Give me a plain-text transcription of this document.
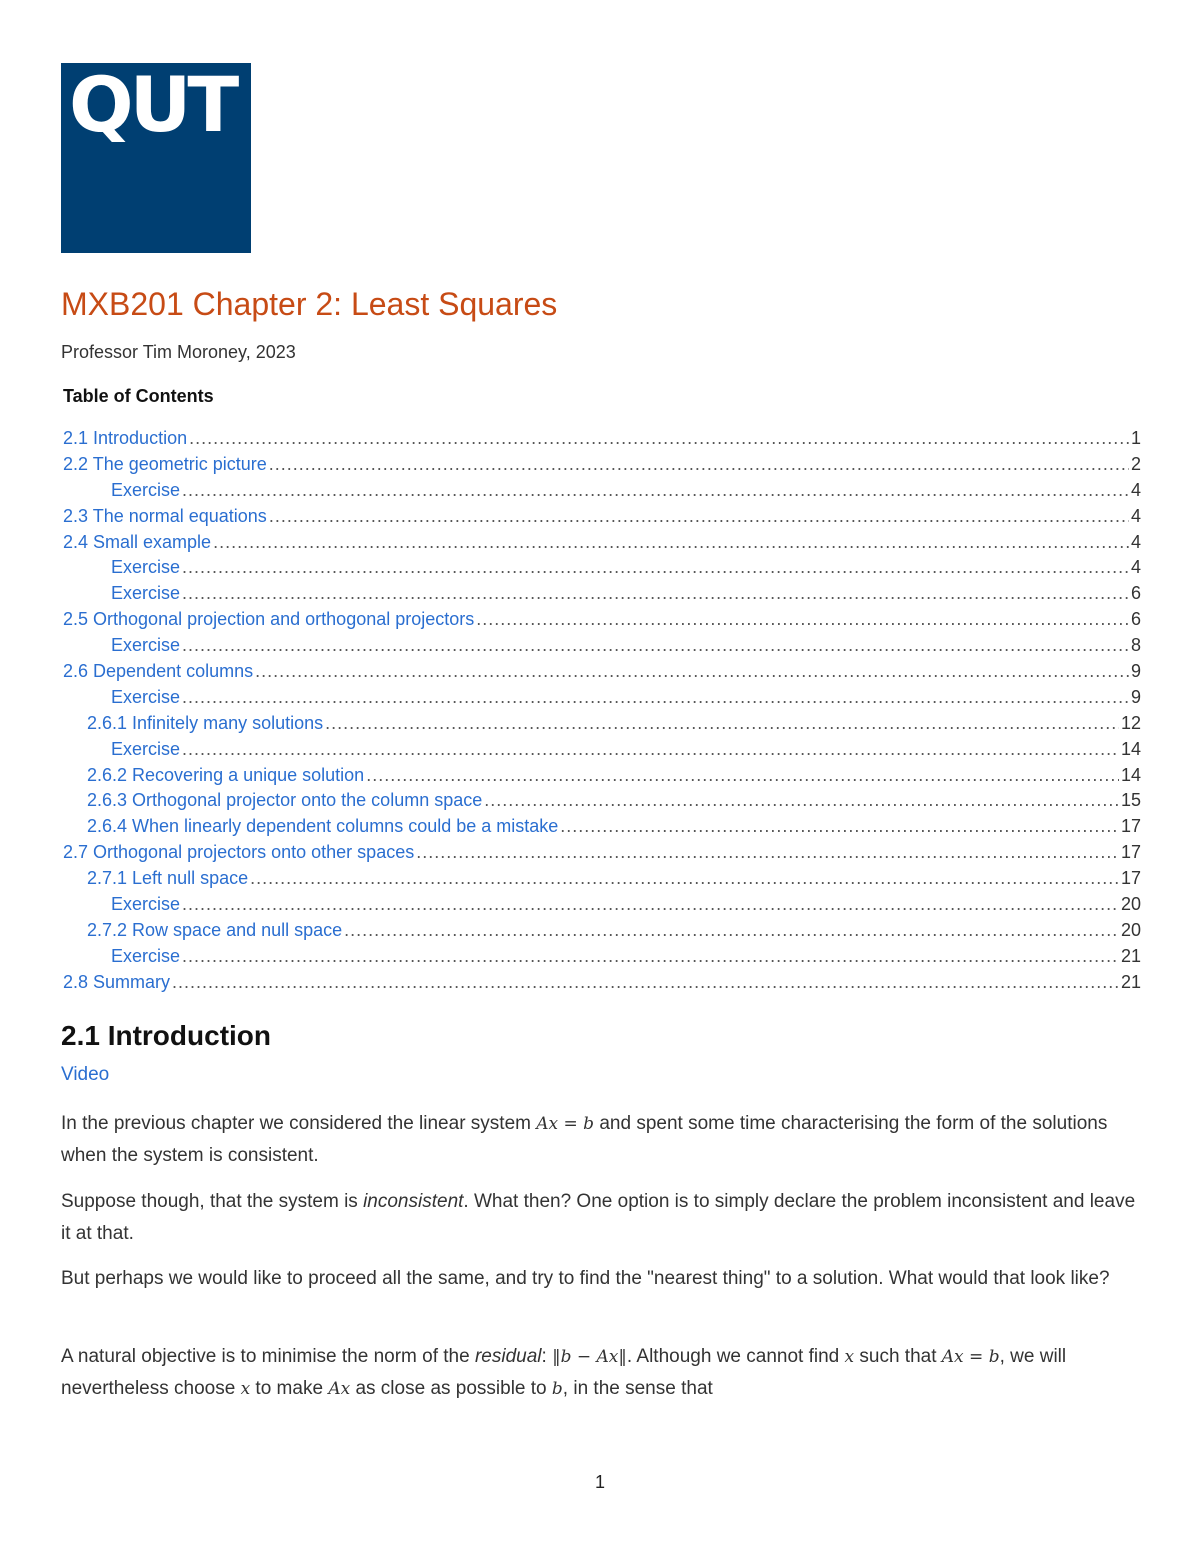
QUT
MXB201 Chapter 2: Least Squares
Professor Tim Moroney, 2023
Table of Contents
2.1 Introduction .....	1
2.2 The geometric picture .....	2
Exercise .....	4
2.3 The normal equations .....	4
2.4 Small example .....	4
Exercise .....	4
Exercise .....	6
2.5 Orthogonal projection and orthogonal projectors .....	6
Exercise .....	8
2.6 Dependent columns .....	9
Exercise .....	9
2.6.1 Infinitely many solutions .....	12
Exercise .....	14
2.6.2 Recovering a unique solution .....	14
2.6.3 Orthogonal projector onto the column space .....	15
2.6.4 When linearly dependent columns could be a mistake .....	17
2.7 Orthogonal projectors onto other spaces .....	17
2.7.1 Left null space .....	17
Exercise .....	20
2.7.2 Row space and null space .....	20
Exercise .....	21
2.8 Summary .....	21
2.1 Introduction
Video

In the previous chapter we considered the linear system Ax = b and spent some time characterising the form of the solutions when the system is consistent.

Suppose though, that the system is inconsistent. What then? One option is to simply declare the problem inconsistent and leave it at that.

But perhaps we would like to proceed all the same, and try to find the "nearest thing" to a solution. What would that look like?

A natural objective is to minimise the norm of the residual: ‖b − Ax‖. Although we cannot find x such that Ax = b, we will nevertheless choose x to make Ax as close as possible to b, in the sense that

1
